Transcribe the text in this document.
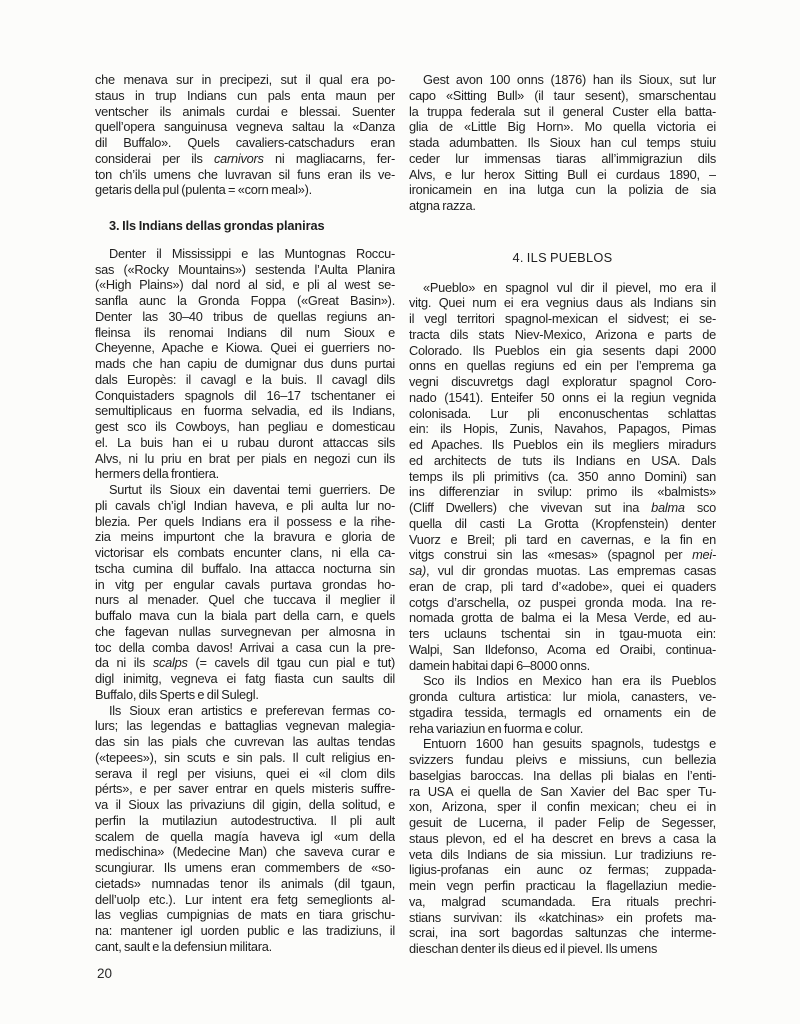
che menava sur in precipezi, sut il qual era po-
staus in trup Indians cun pals enta maun per
ventscher ils animals curdai e blessai. Suenter
quell’opera sanguinusa vegneva saltau la «Danza
dil Buffalo». Quels cavaliers-catschadurs eran
considerai per ils carnivors ni magliacarns, fer-
ton ch’ils umens che luvravan sil funs eran ils ve-
getaris della pul (pulenta = «corn meal»).
3. Ils Indians dellas grondas planiras
Denter il Mississippi e las Muntognas Roccu-
sas («Rocky Mountains») sestenda l’Aulta Planira
(«High Plains») dal nord al sid, e pli al west se-
sanfla aunc la Gronda Foppa («Great Basin»).
Denter las 30–40 tribus de quellas regiuns an-
fleinsa ils renomai Indians dil num Sioux e
Cheyenne, Apache e Kiowa. Quei ei guerriers no-
mads che han capiu de dumignar dus duns purtai
dals Europès: il cavagl e la buis. Il cavagl dils
Conquistaders spagnols dil 16–17 tschentaner ei
semultiplicaus en fuorma selvadia, ed ils Indians,
gest sco ils Cowboys, han pegliau e domesticau
el. La buis han ei u rubau duront attaccas sils
Alvs, ni lu priu en brat per pials en negozi cun ils
hermers della frontiera.
Surtut ils Sioux ein daventai temi guerriers. De
pli cavals ch’igl Indian haveva, e pli aulta lur no-
blezia. Per quels Indians era il possess e la rihe-
zia meins impurtont che la bravura e gloria de
victorisar els combats encunter clans, ni ella ca-
tscha cumina dil buffalo. Ina attacca nocturna sin
in vitg per engular cavals purtava grondas ho-
nurs al menader. Quel che tuccava il meglier il
buffalo mava cun la biala part della carn, e quels
che fagevan nullas survegnevan per almosna in
toc della comba davos! Arrivai a casa cun la pre-
da ni ils scalps (= cavels dil tgau cun pial e tut)
digl inimitg, vegneva ei fatg fiasta cun saults dil
Buffalo, dils Sperts e dil Sulegl.
Ils Sioux eran artistics e preferevan fermas co-
lurs; las legendas e battaglias vegnevan malegia-
das sin las pials che cuvrevan las aultas tendas
(«tepees»), sin scuts e sin pals. Il cult religius en-
serava il regl per visiuns, quei ei «il clom dils
pérts», e per saver entrar en quels misteris suffre-
va il Sioux las privaziuns dil gigin, della solitud, e
perfin la mutilaziun autodestructiva. Il pli ault
scalem de quella magía haveva igl «um della
medischina» (Medecine Man) che saveva curar e
scungiurar. Ils umens eran commembers de «so-
cietads» numnadas tenor ils animals (dil tgaun,
dell’uolp etc.). Lur intent era fetg semeglionts al-
las veglias cumpignias de mats en tiara grischu-
na: mantener igl uorden public e las tradiziuns, il
cant, sault e la defensiun militara.
Gest avon 100 onns (1876) han ils Sioux, sut lur
capo «Sitting Bull» (il taur sesent), smarschentau
la truppa federala sut il general Custer ella batta-
glia de «Little Big Horn». Mo quella victoria ei
stada adumbatten. Ils Sioux han cul temps stuiu
ceder lur immensas tiaras all’immigraziun dils
Alvs, e lur herox Sitting Bull ei curdaus 1890, –
ironicamein en ina lutga cun la polizia de sia
atgna razza.
4. ILS PUEBLOS
«Pueblo» en spagnol vul dir il pievel, mo era il
vitg. Quei num ei era vegnius daus als Indians sin
il vegl territori spagnol-mexican el sidvest; ei se-
tracta dils stats Niev-Mexico, Arizona e parts de
Colorado. Ils Pueblos ein gia sesents dapi 2000
onns en quellas regiuns ed ein per l’emprema ga
vegni discuvretgs dagl exploratur spagnol Coro-
nado (1541). Enteifer 50 onns ei la regiun vegnida
colonisada. Lur pli enconuschentas schlattas
ein: ils Hopis, Zunis, Navahos, Papagos, Pimas
ed Apaches. Ils Pueblos ein ils megliers miradurs
ed architects de tuts ils Indians en USA. Dals
temps ils pli primitivs (ca. 350 anno Domini) san
ins differenziar in svilup: primo ils «balmists»
(Cliff Dwellers) che vivevan sut ina balma sco
quella dil casti La Grotta (Kropfenstein) denter
Vuorz e Breil; pli tard en cavernas, e la fin en
vitgs construi sin las «mesas» (spagnol per mei-
sa), vul dir grondas muotas. Las empremas casas
eran de crap, pli tard d’«adobe», quei ei quaders
cotgs d’arschella, oz puspei gronda moda. Ina re-
nomada grotta de balma ei la Mesa Verde, ed au-
ters uclauns tschentai sin in tgau-muota ein:
Walpi, San Ildefonso, Acoma ed Oraibi, continua-
damein habitai dapi 6–8000 onns.
Sco ils Indios en Mexico han era ils Pueblos
gronda cultura artistica: lur miola, canasters, ve-
stgadira tessida, termagls ed ornaments ein de
reha variaziun en fuorma e colur.
Entuorn 1600 han gesuits spagnols, tudestgs e
svizzers fundau pleivs e missiuns, cun bellezia
baselgias baroccas. Ina dellas pli bialas en l’enti-
ra USA ei quella de San Xavier del Bac sper Tu-
xon, Arizona, sper il confin mexican; cheu ei in
gesuit de Lucerna, il pader Felip de Segesser,
staus plevon, ed el ha descret en brevs a casa la
veta dils Indians de sia missiun. Lur tradiziuns re-
ligius-profanas ein aunc oz fermas; zuppada-
mein vegn perfin practicau la flagellaziun medie-
va, malgrad scumandada. Era rituals prechri-
stians survivan: ils «katchinas» ein profets ma-
scrai, ina sort bagordas saltunzas che interme-
dieschan denter ils dieus ed il pievel. Ils umens
20
